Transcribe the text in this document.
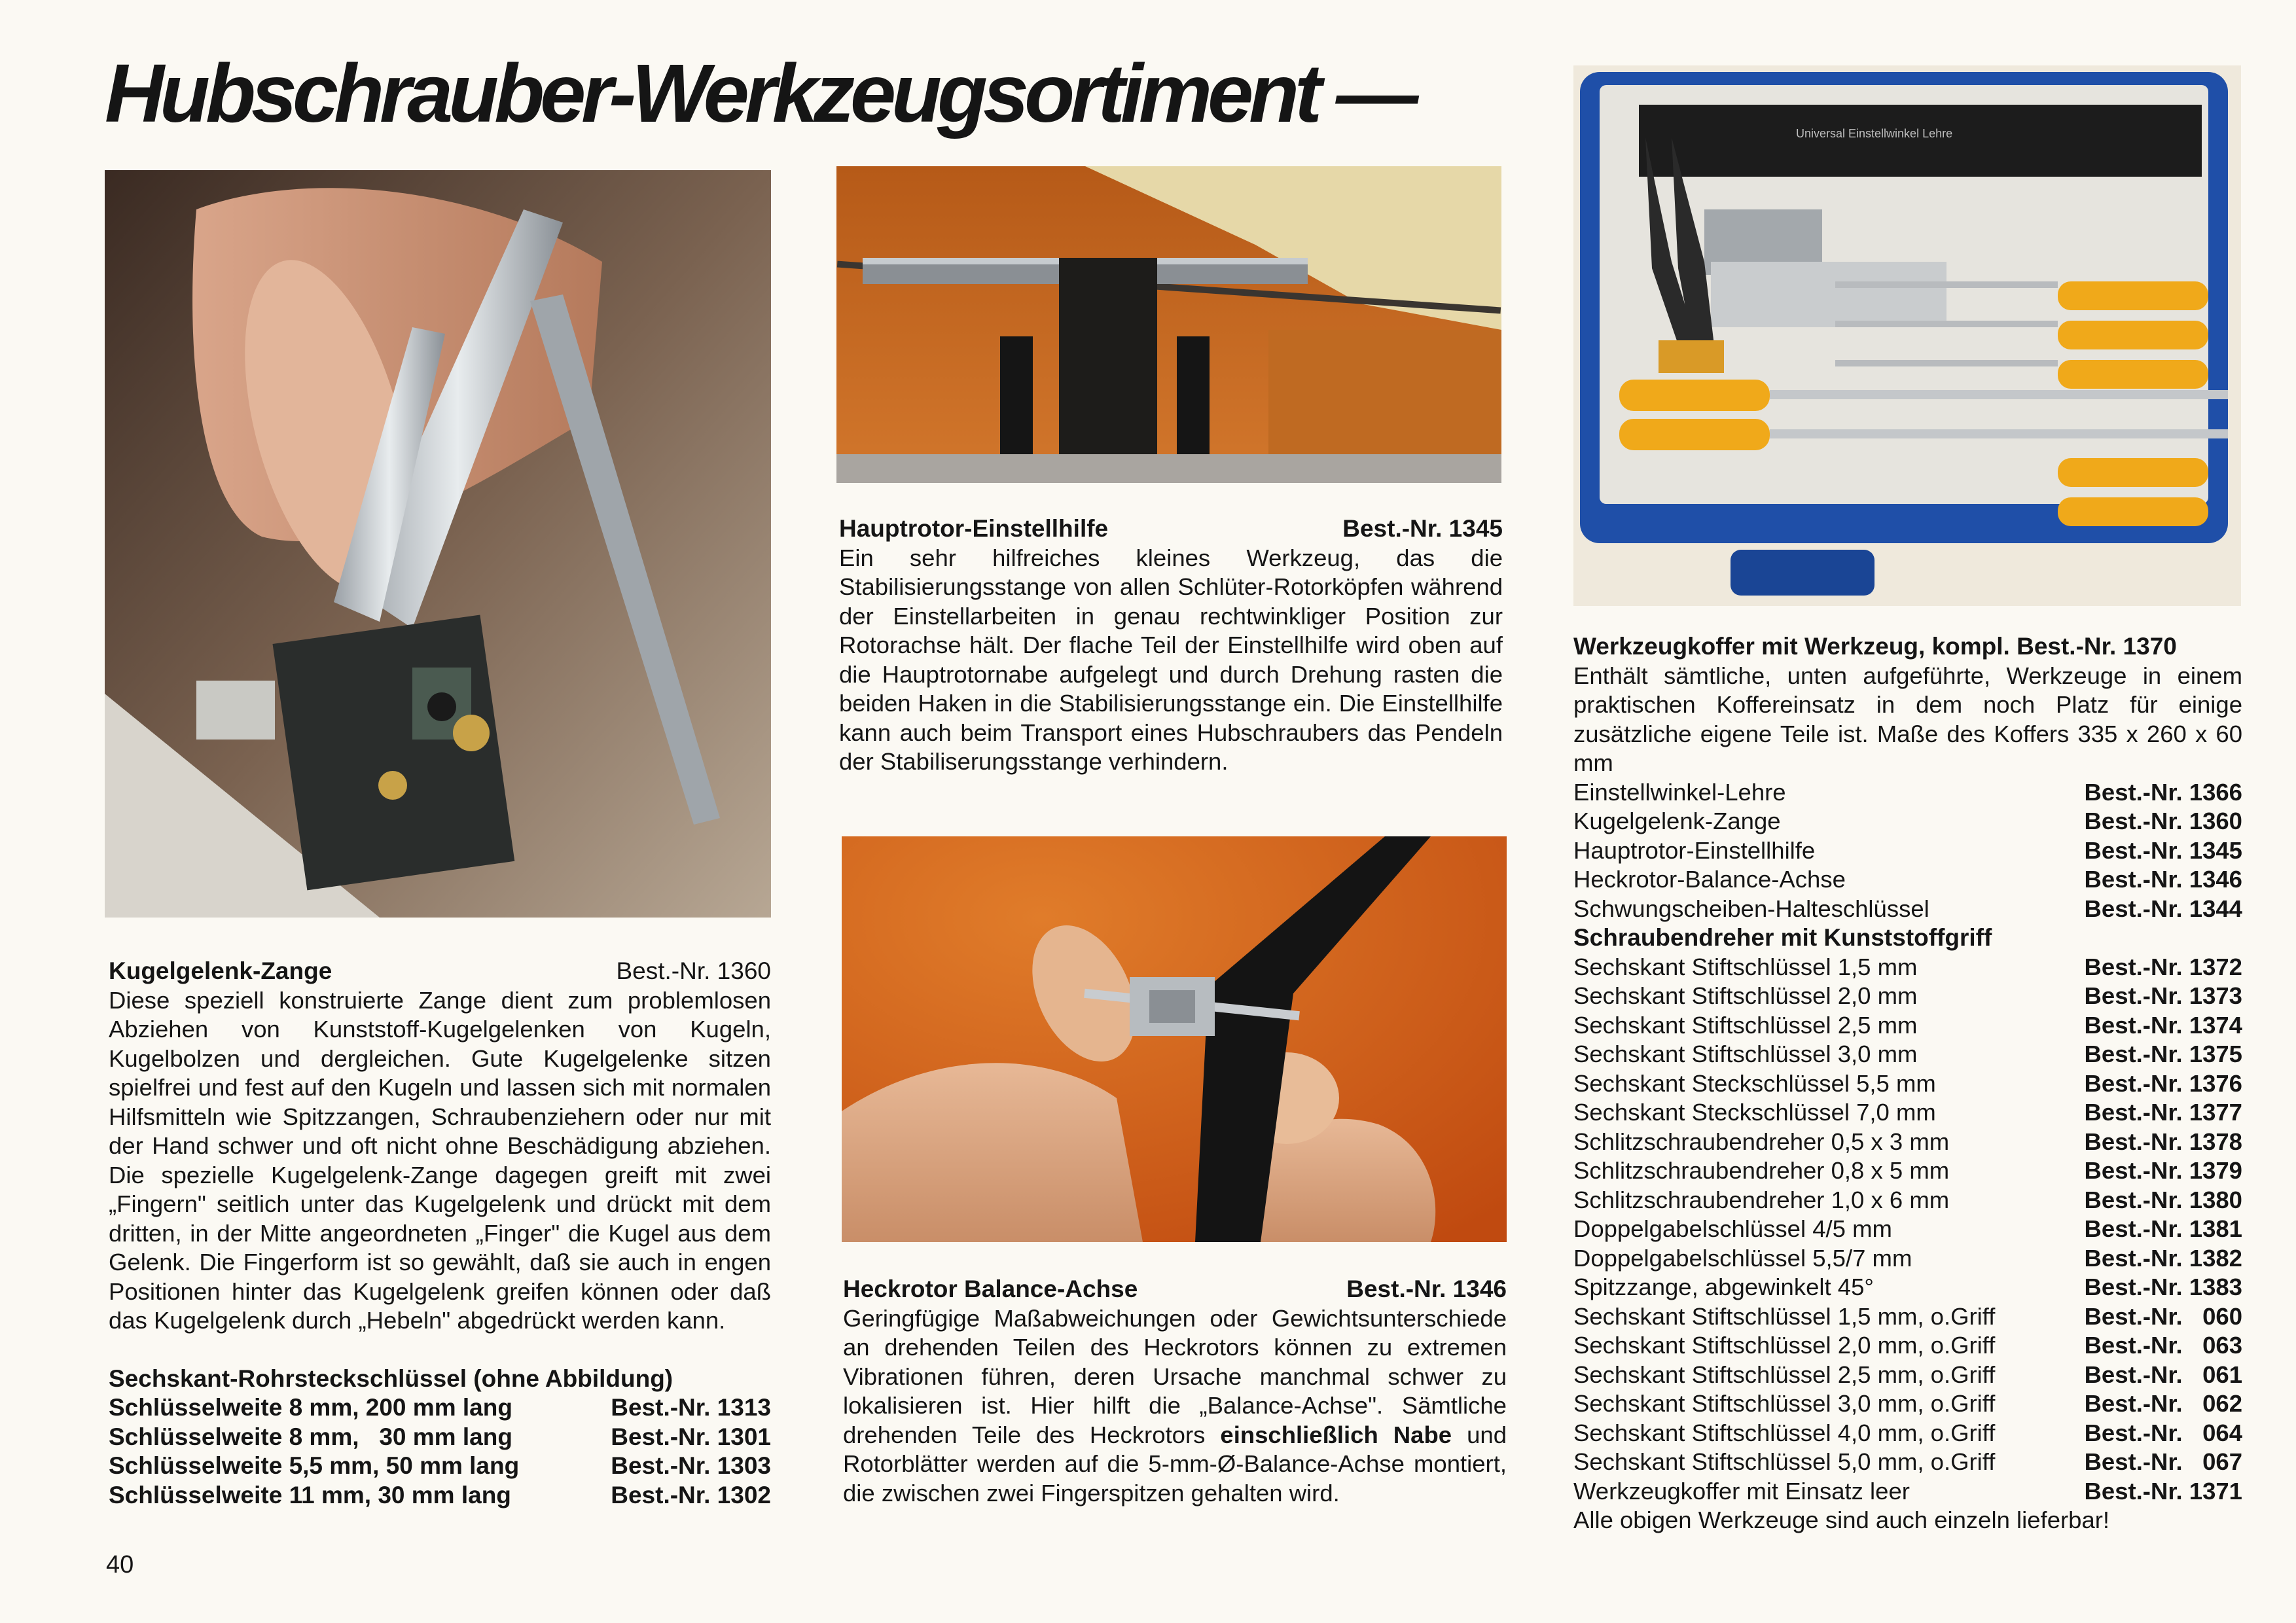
Hubschrauber-Werkzeugsortiment —	Universal Einstellwinkel Lehre
Kugelgelenk-Zange	Best.-Nr. 1360
Diese speziell konstruierte Zange dient zum problemlosen Abziehen von Kunststoff-Kugelgelenken von Kugeln, Kugelbolzen und dergleichen. Gute Kugelgelenke sitzen spielfrei und fest auf den Kugeln und lassen sich mit normalen Hilfsmitteln wie Spitzzangen, Schraubenziehern oder nur mit der Hand schwer und oft nicht ohne Beschädigung abziehen. Die spezielle Kugelgelenk-Zange dagegen greift mit zwei „Fingern" seitlich unter das Kugelgelenk und drückt mit dem dritten, in der Mitte angeordneten „Finger" die Kugel aus dem Gelenk. Die Fingerform ist so gewählt, daß sie auch in engen Positionen hinter das Kugelgelenk greifen können oder daß das Kugelgelenk durch „Hebeln" abgedrückt werden kann.
Sechskant-Rohrsteckschlüssel (ohne Abbildung)
Schlüsselweite 8 mm, 200 mm lang	Best.-Nr. 1313
Schlüsselweite 8 mm,   30 mm lang	Best.-Nr. 1301
Schlüsselweite 5,5 mm, 50 mm lang	Best.-Nr. 1303
Schlüsselweite 11 mm, 30 mm lang	Best.-Nr. 1302
Hauptrotor-Einstellhilfe	Best.-Nr. 1345
Ein sehr hilfreiches kleines Werkzeug, das die Stabilisierungsstange von allen Schlüter-Rotorköpfen während der Einstellarbeiten in genau rechtwinkliger Position zur Rotorachse hält. Der flache Teil der Einstellhilfe wird oben auf die Hauptrotornabe aufgelegt und durch Drehung rasten die beiden Haken in die Stabilisierungsstange ein. Die Einstellhilfe kann auch beim Transport eines Hubschraubers das Pendeln der Stabiliserungsstange verhindern.
Heckrotor Balance-Achse	Best.-Nr. 1346
Geringfügige Maßabweichungen oder Gewichtsunterschiede an drehenden Teilen des Heckrotors können zu extremen Vibrationen führen, deren Ursache manchmal schwer zu lokalisieren ist. Hier hilft die „Balance-Achse". Sämtliche drehenden Teile des Heckrotors einschließlich Nabe und Rotorblätter werden auf die 5-mm-Ø-Balance-Achse montiert, die zwischen zwei Fingerspitzen gehalten wird.
Werkzeugkoffer mit Werkzeug, kompl. Best.-Nr. 1370
Enthält sämtliche, unten aufgeführte, Werkzeuge in einem praktischen Koffereinsatz in dem noch Platz für einige zusätzliche eigene Teile ist. Maße des Koffers 335 x 260 x 60 mm
Einstellwinkel-Lehre	Best.-Nr. 1366
Kugelgelenk-Zange	Best.-Nr. 1360
Hauptrotor-Einstellhilfe	Best.-Nr. 1345
Heckrotor-Balance-Achse	Best.-Nr. 1346
Schwungscheiben-Halteschlüssel	Best.-Nr. 1344
Schraubendreher mit Kunststoffgriff
Sechskant Stiftschlüssel 1,5 mm	Best.-Nr. 1372
Sechskant Stiftschlüssel 2,0 mm	Best.-Nr. 1373
Sechskant Stiftschlüssel 2,5 mm	Best.-Nr. 1374
Sechskant Stiftschlüssel 3,0 mm	Best.-Nr. 1375
Sechskant Steckschlüssel 5,5 mm	Best.-Nr. 1376
Sechskant Steckschlüssel 7,0 mm	Best.-Nr. 1377
Schlitzschraubendreher 0,5 x 3 mm	Best.-Nr. 1378
Schlitzschraubendreher 0,8 x 5 mm	Best.-Nr. 1379
Schlitzschraubendreher 1,0 x 6 mm	Best.-Nr. 1380
Doppelgabelschlüssel 4/5 mm	Best.-Nr. 1381
Doppelgabelschlüssel 5,5/7 mm	Best.-Nr. 1382
Spitzzange, abgewinkelt 45°	Best.-Nr. 1383
Sechskant Stiftschlüssel 1,5 mm, o.Griff	Best.-Nr.   060
Sechskant Stiftschlüssel 2,0 mm, o.Griff	Best.-Nr.   063
Sechskant Stiftschlüssel 2,5 mm, o.Griff	Best.-Nr.   061
Sechskant Stiftschlüssel 3,0 mm, o.Griff	Best.-Nr.   062
Sechskant Stiftschlüssel 4,0 mm, o.Griff	Best.-Nr.   064
Sechskant Stiftschlüssel 5,0 mm, o.Griff	Best.-Nr.   067
Werkzeugkoffer mit Einsatz leer	Best.-Nr. 1371
Alle obigen Werkzeuge sind auch einzeln lieferbar!
40
